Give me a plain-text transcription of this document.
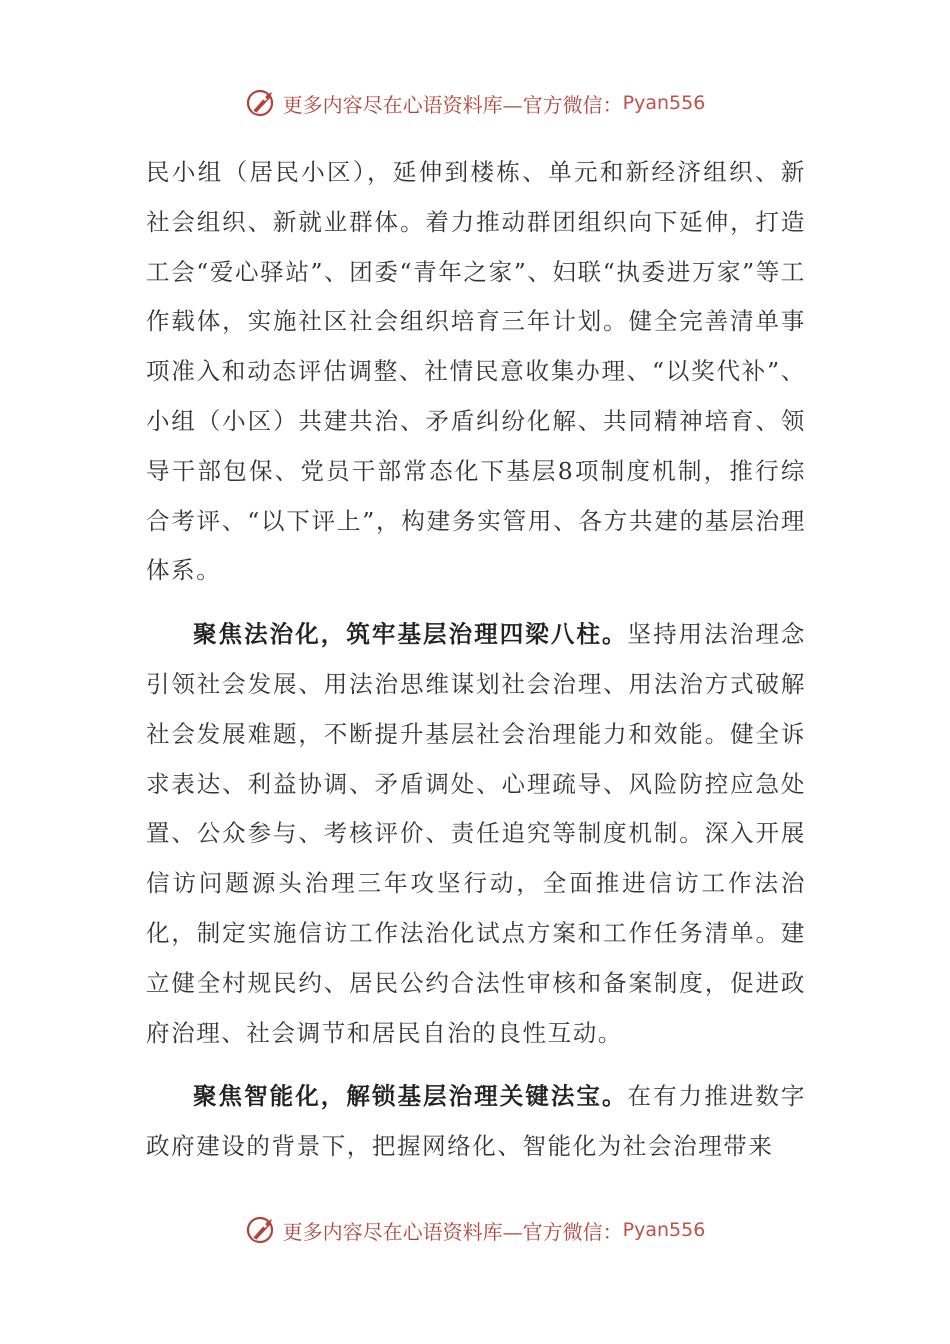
更多内容尽在心语资料库—官方微信： Pyan556

民小组（居民小区），延伸到楼栋、单元和新经济组织、新社会组织、新就业群体。着力推动群团组织向下延伸，打造工会“爱心驿站”、团委“青年之家”、妇联“执委进万家”等工作载体，实施社区社会组织培育三年计划。健全完善清单事项准入和动态评估调整、社情民意收集办理、“以奖代补”、小组（小区）共建共治、矛盾纠纷化解、共同精神培育、领导干部包保、党员干部常态化下基层8项制度机制，推行综合考评、“以下评上”，构建务实管用、各方共建的基层治理体系。

聚焦法治化，筑牢基层治理四梁八柱。坚持用法治理念引领社会发展、用法治思维谋划社会治理、用法治方式破解社会发展难题，不断提升基层社会治理能力和效能。健全诉求表达、利益协调、矛盾调处、心理疏导、风险防控应急处置、公众参与、考核评价、责任追究等制度机制。深入开展信访问题源头治理三年攻坚行动，全面推进信访工作法治化，制定实施信访工作法治化试点方案和工作任务清单。建立健全村规民约、居民公约合法性审核和备案制度，促进政府治理、社会调节和居民自治的良性互动。

聚焦智能化，解锁基层治理关键法宝。在有力推进数字政府建设的背景下，把握网络化、智能化为社会治理带来

更多内容尽在心语资料库—官方微信： Pyan556
